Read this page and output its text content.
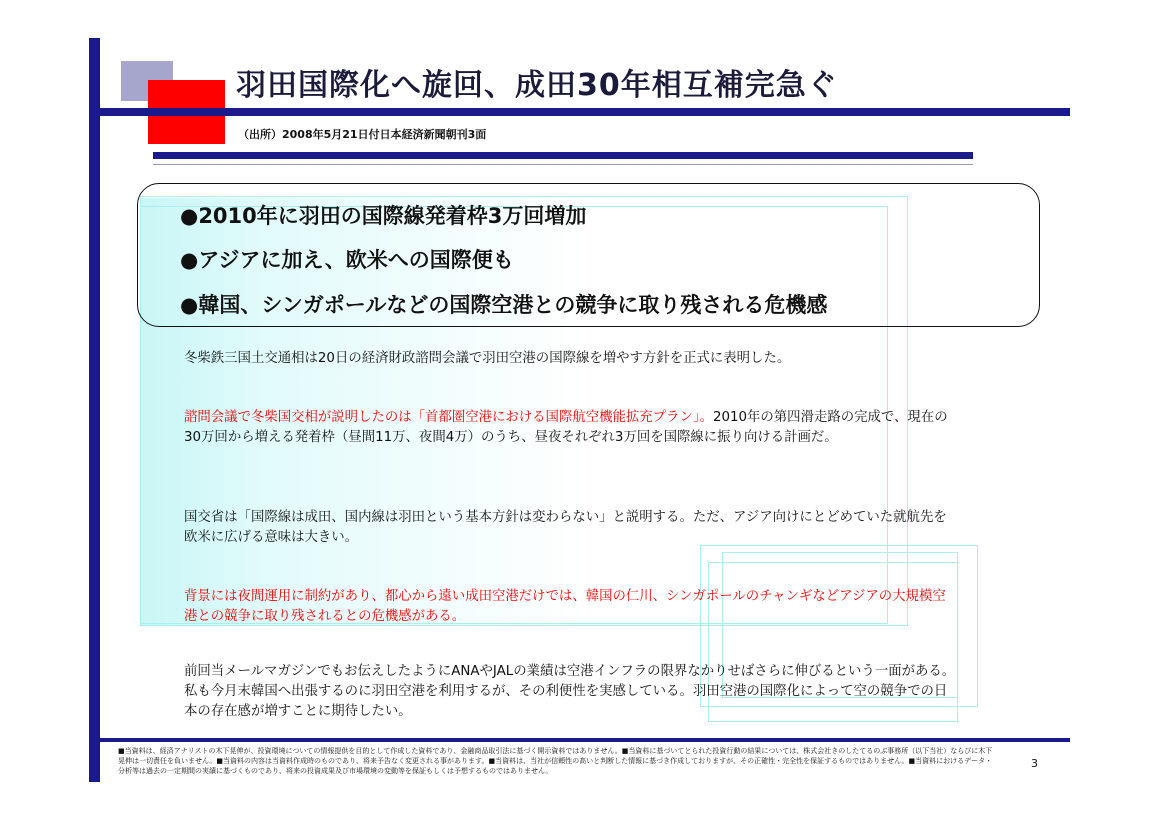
羽田国際化へ旋回、成田30年相互補完急ぐ
（出所）2008年5月21日付日本経済新聞朝刊3面
●2010年に羽田の国際線発着枠3万回増加
●アジアに加え、欧米への国際便も
●韓国、シンガポールなどの国際空港との競争に取り残される危機感
冬柴鉄三国土交通相は20日の経済財政諮問会議で羽田空港の国際線を増やす方針を正式に表明した。
諮問会議で冬柴国交相が説明したのは「首都圏空港における国際航空機能拡充プラン」。2010年の第四滑走路の完成で、現在の30万回から増える発着枠（昼間11万、夜間4万）のうち、昼夜それぞれ3万回を国際線に振り向ける計画だ。
国交省は「国際線は成田、国内線は羽田という基本方針は変わらない」と説明する。ただ、アジア向けにとどめていた就航先を欧米に広げる意味は大きい。
背景には夜間運用に制約があり、都心から遠い成田空港だけでは、韓国の仁川、シンガポールのチャンギなどアジアの大規模空港との競争に取り残されるとの危機感がある。
前回当メールマガジンでもお伝えしたようにANAやJALの業績は空港インフラの限界なかりせばさらに伸びるという一面がある。私も今月末韓国へ出張するのに羽田空港を利用するが、その利便性を実感している。羽田空港の国際化によって空の競争での日本の存在感が増すことに期待したい。
■当資料は、経済アナリストの木下晃伸が、投資環境についての情報提供を目的として作成した資料であり、金融商品取引法に基づく開示資料ではありません。■当資料に基づいてとられた投資行動の結果については、株式会社きのしたてるのぶ事務所（以下当社）ならびに木下晃伸は一切責任を負いません。■当資料の内容は当資料作成時のものであり、将来予告なく変更される事があります。■当資料は、当社が信頼性の高いと判断した情報に基づき作成しておりますが、その正確性・完全性を保証するものではありません。■当資料におけるデータ・分析等は過去の一定期間の実績に基づくものであり、将来の投資成果及び市場環境の変動等を保証もしくは予想するものではありません。
3
